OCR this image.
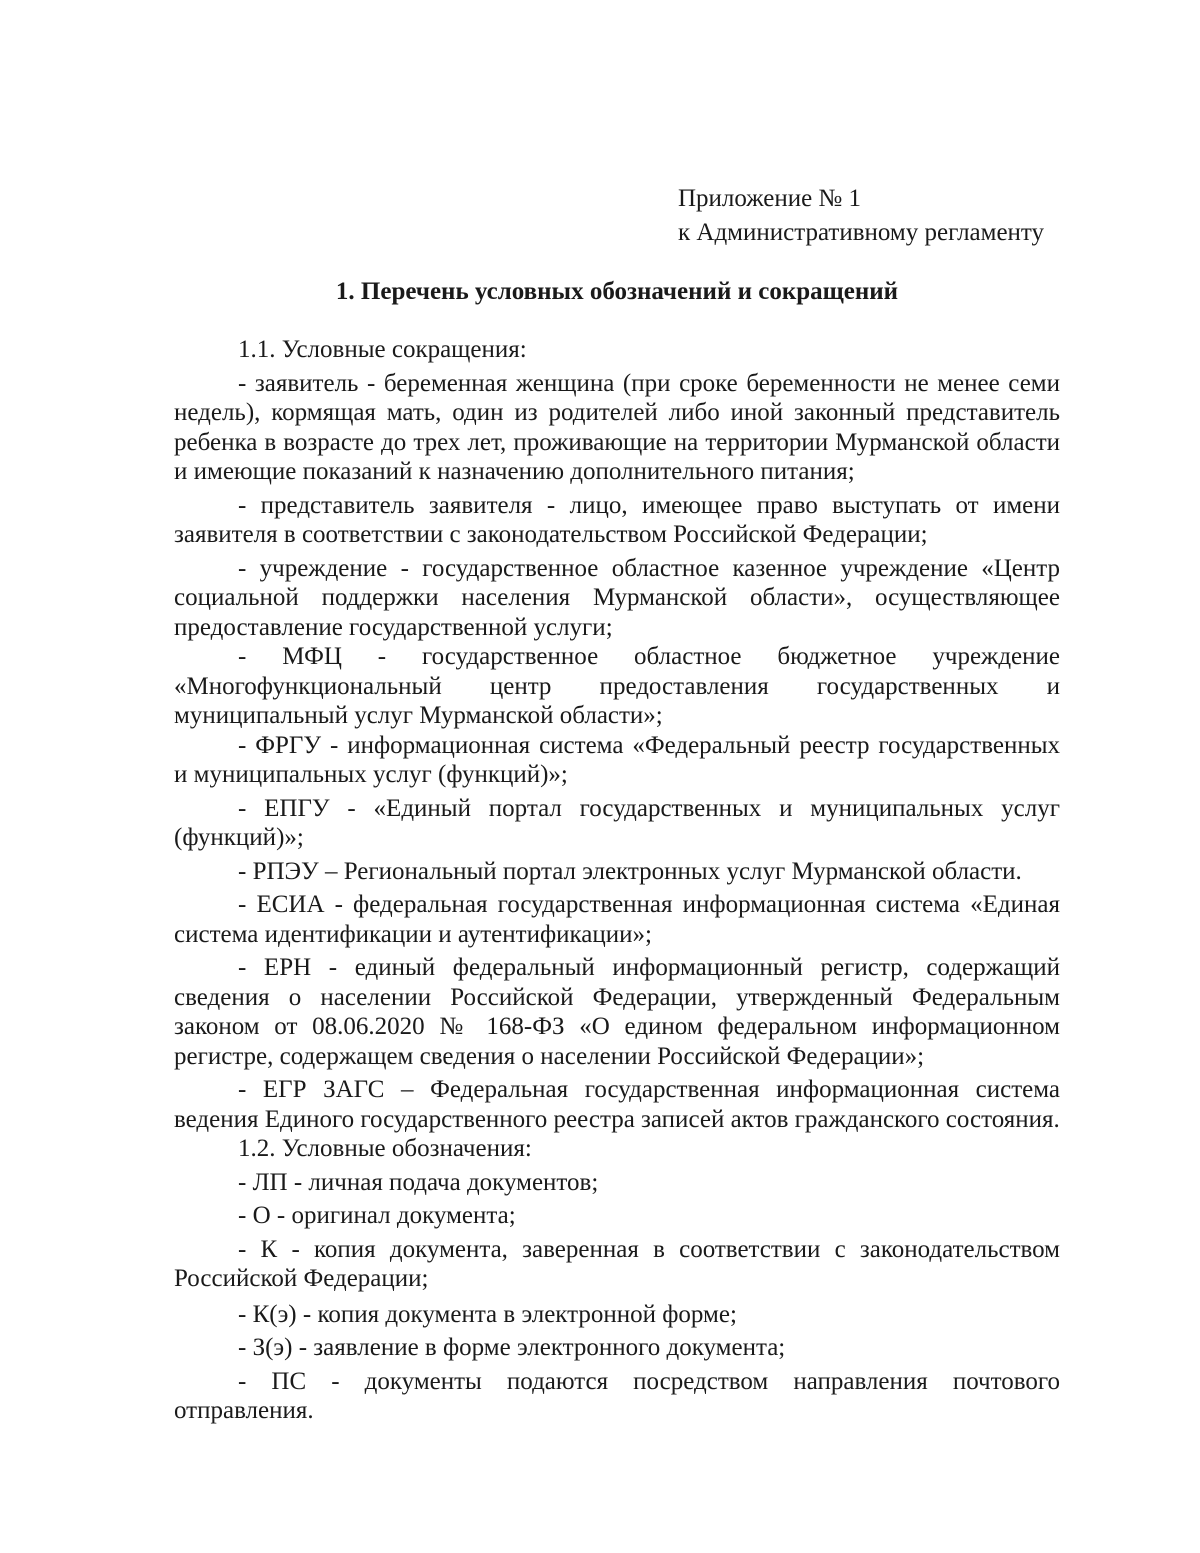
Приложение № 1
к Административному регламенту
1. Перечень условных обозначений и сокращений

1.1. Условные сокращения:

- заявитель - беременная женщина (при сроке беременности не менее семи недель), кормящая мать, один из родителей либо иной законный представитель ребенка в возрасте до трех лет, проживающие на территории Мурманской области и имеющие показаний к назначению дополнительного питания;

- представитель заявителя - лицо, имеющее право выступать от имени заявителя в соответствии с законодательством Российской Федерации;

- учреждение - государственное областное казенное учреждение «Центр социальной поддержки населения Мурманской области», осуществляющее предоставление государственной услуги;

- МФЦ - государственное областное бюджетное учреждение «Многофункциональный центр предоставления государственных и муниципальный услуг Мурманской области»;

- ФРГУ - информационная система «Федеральный реестр государственных и муниципальных услуг (функций)»;

- ЕПГУ - «Единый портал государственных и муниципальных услуг (функций)»;

- РПЭУ – Региональный портал электронных услуг Мурманской области.

- ЕСИА - федеральная государственная информационная система «Единая система идентификации и аутентификации»;

- ЕРН - единый федеральный информационный регистр, содержащий сведения о населении Российской Федерации, утвержденный Федеральным законом от 08.06.2020 № 168-ФЗ «О едином федеральном информационном регистре, содержащем сведения о населении Российской Федерации»;

- ЕГР ЗАГС – Федеральная государственная информационная система ведения Единого государственного реестра записей актов гражданского состояния.

1.2. Условные обозначения:

- ЛП - личная подача документов;

- О - оригинал документа;

- К - копия документа, заверенная в соответствии с законодательством Российской Федерации;

- К(э) - копия документа в электронной форме;

- З(э) - заявление в форме электронного документа;

- ПС - документы подаются посредством направления почтового отправления.
